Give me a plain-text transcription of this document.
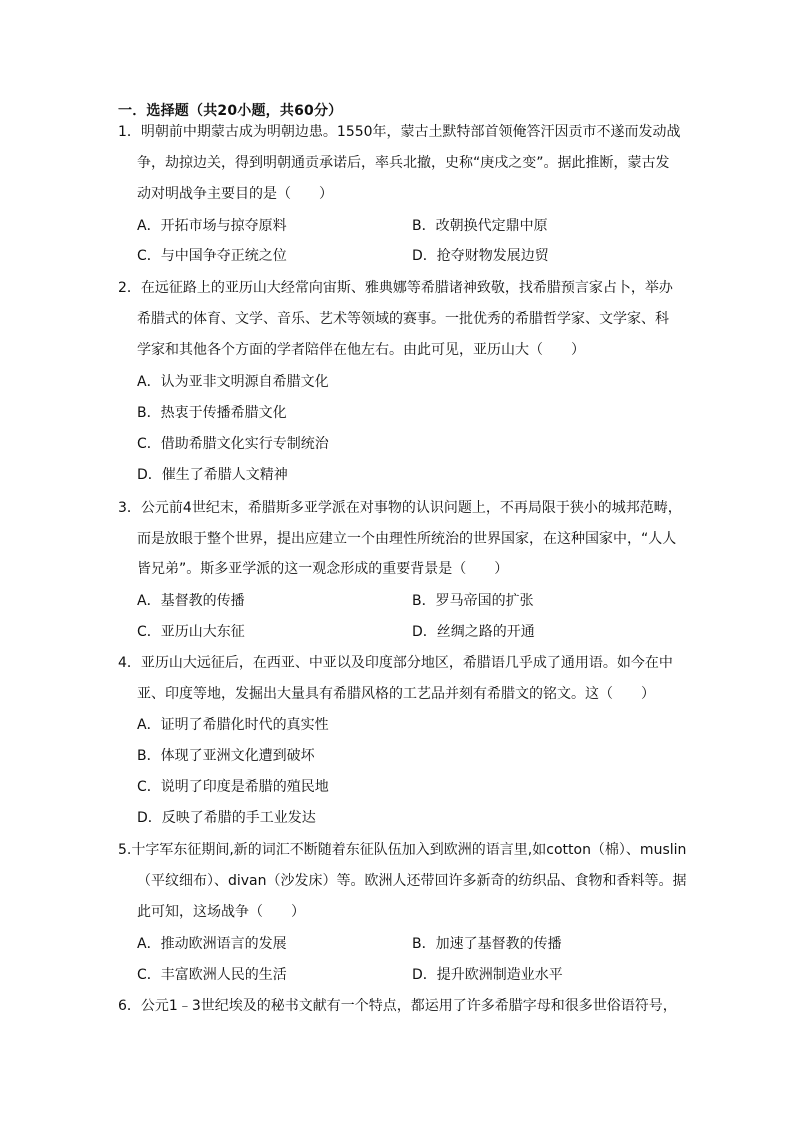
一．选择题（共20小题，共60分）
1．明朝前中期蒙古成为明朝边患。1550年，蒙古土默特部首领俺答汗因贡市不遂而发动战
争，劫掠边关，得到明朝通贡承诺后，率兵北撤，史称“庚戌之变”。据此推断，蒙古发
动对明战争主要目的是（　　）
A．开拓市场与掠夺原料	B．改朝换代定鼎中原
C．与中国争夺正统之位	D．抢夺财物发展边贸
2．在远征路上的亚历山大经常向宙斯、雅典娜等希腊诸神致敬，找希腊预言家占卜，举办
希腊式的体育、文学、音乐、艺术等领域的赛事。一批优秀的希腊哲学家、文学家、科
学家和其他各个方面的学者陪伴在他左右。由此可见，亚历山大（　　）
A．认为亚非文明源自希腊文化
B．热衷于传播希腊文化
C．借助希腊文化实行专制统治
D．催生了希腊人文精神
3．公元前4世纪末，希腊斯多亚学派在对事物的认识问题上，不再局限于狭小的城邦范畴，
而是放眼于整个世界，提出应建立一个由理性所统治的世界国家，在这种国家中，“人人
皆兄弟”。斯多亚学派的这一观念形成的重要背景是（　　）
A．基督教的传播	B．罗马帝国的扩张
C．亚历山大东征	D．丝绸之路的开通
4．亚历山大远征后，在西亚、中亚以及印度部分地区，希腊语几乎成了通用语。如今在中
亚、印度等地，发掘出大量具有希腊风格的工艺品并刻有希腊文的铭文。这（　　）
A．证明了希腊化时代的真实性
B．体现了亚洲文化遭到破坏
C．说明了印度是希腊的殖民地
D．反映了希腊的手工业发达
5.十字军东征期间,新的词汇不断随着东征队伍加入到欧洲的语言里,如cotton（棉）、muslin
（平纹细布）、divan（沙发床）等。欧洲人还带回许多新奇的纺织品、食物和香料等。据
此可知，这场战争（　　）
A．推动欧洲语言的发展	B．加速了基督教的传播
C．丰富欧洲人民的生活	D．提升欧洲制造业水平
6．公元1﹣3世纪埃及的秘书文献有一个特点，都运用了许多希腊字母和很多世俗语符号，
